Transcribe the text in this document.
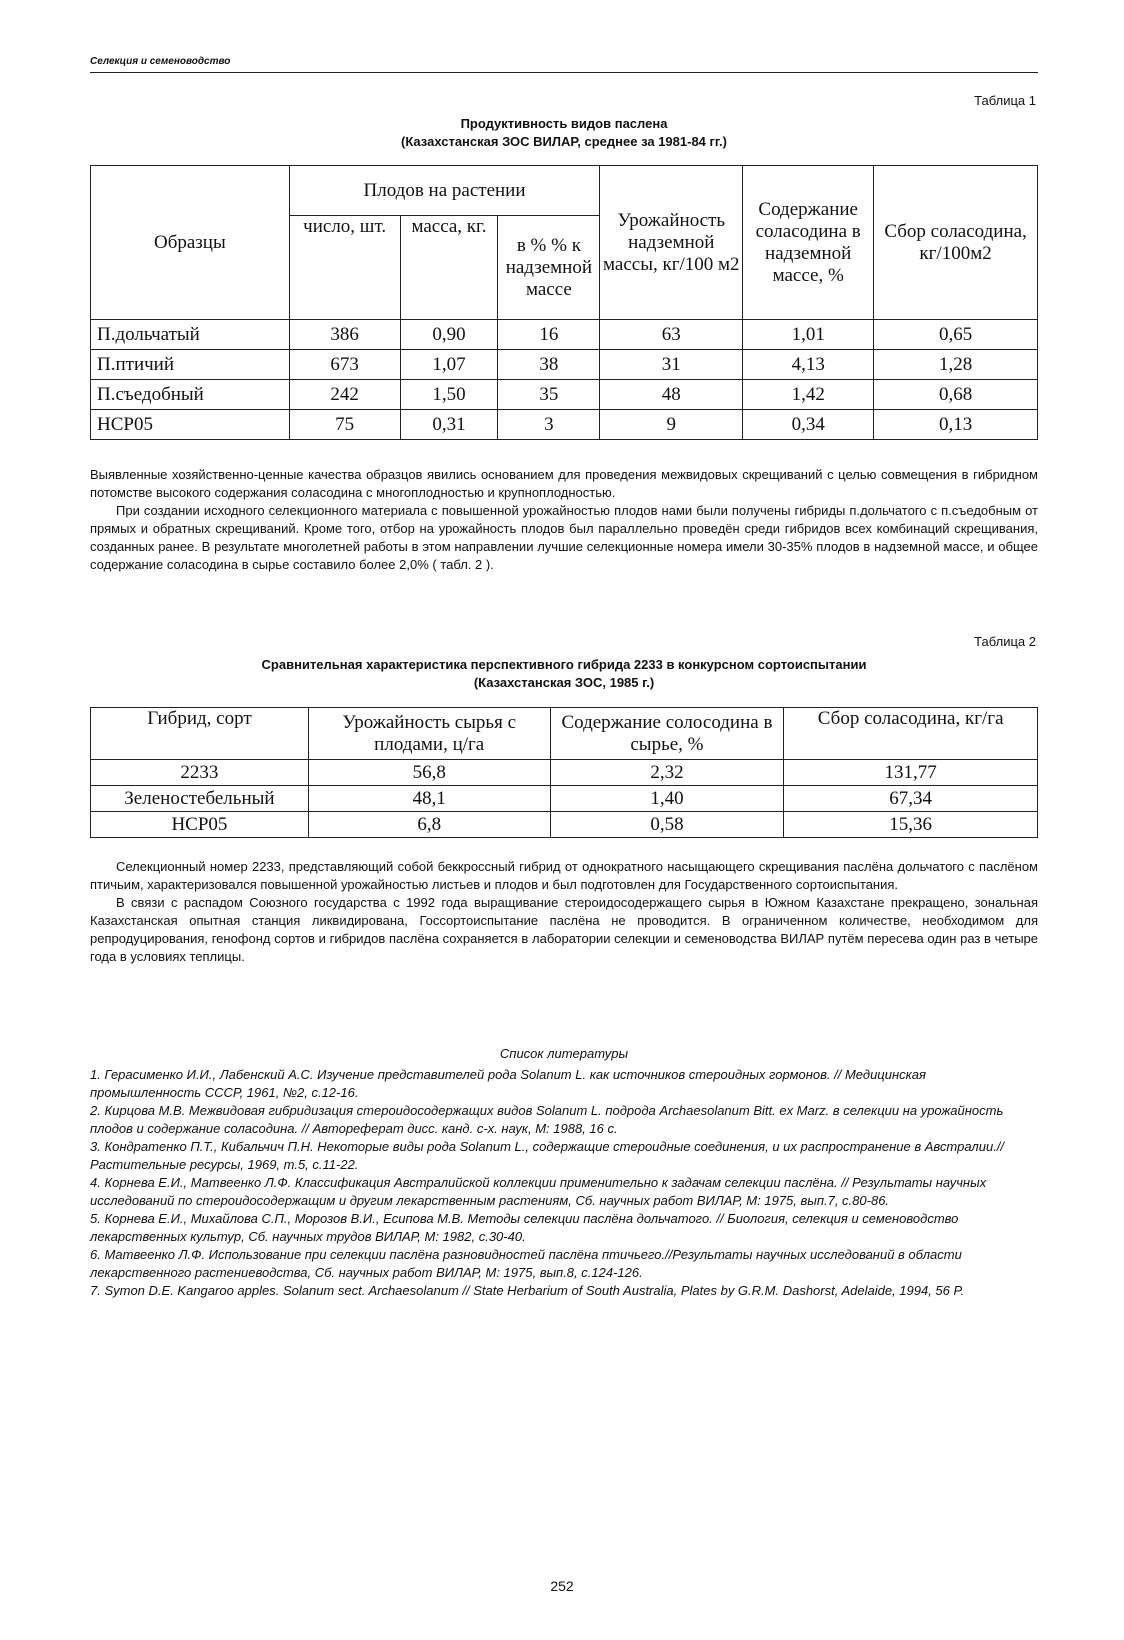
Селекция и семеноводство
Таблица 1
Продуктивность видов паслена
(Казахстанская ЗОС ВИЛАР, среднее за 1981-84 гг.)
Образцы	Плодов на растении			Урожайность надземной массы, кг/100 м2	Содержание соласодина в надземной массе, %	Сбор соласодина, кг/100м2
	число, шт.	масса, кг.	в % % к надземной массе			
П.дольчатый	386	0,90	16	63	1,01	0,65
П.птичий	673	1,07	38	31	4,13	1,28
П.съедобный	242	1,50	35	48	1,42	0,68
НСР05	75	0,31	3	9	0,34	0,13

Выявленные хозяйственно-ценные качества образцов явились основанием для проведения межвидовых скрещиваний с целью совмещения в гибридном потомстве высокого содержания соласодина с многоплодностью и крупноплодностью.

При создании исходного селекционного материала с повышенной урожайностью плодов нами были получены гибриды п.дольчатого с п.съедобным от прямых и обратных скрещиваний. Кроме того, отбор на урожайность плодов был параллельно проведён среди гибридов всех комбинаций скрещивания, созданных ранее. В результате многолетней работы в этом направлении лучшие селекционные номера имели 30-35% плодов в надземной массе, и общее содержание соласодина в сырье составило более 2,0% ( табл. 2 ).

Таблица 2
Сравнительная характеристика перспективного гибрида 2233 в конкурсном сортоиспытании
(Казахстанская ЗОС, 1985 г.)
Гибрид, сорт	Урожайность сырья с плодами, ц/га	Содержание солосодина в сырье, %	Сбор соласодина, кг/га
2233	56,8	2,32	131,77
Зеленостебельный	48,1	1,40	67,34
НСР05	6,8	0,58	15,36

Селекционный номер 2233, представляющий собой беккроссный гибрид от однократного насыщающего скрещивания паслёна дольчатого с паслёном птичьим, характеризовался повышенной урожайностью листьев и плодов и был подготовлен для Государственного сортоиспытания.

В связи с распадом Союзного государства с 1992 года выращивание стероидосодержащего сырья в Южном Казахстане прекращено, зональная Казахстанская опытная станция ликвидирована, Госсортоиспытание паслёна не проводится. В ограниченном количестве, необходимом для репродуцирования, генофонд сортов и гибридов паслёна сохраняется в лаборатории селекции и семеноводства ВИЛАР путём пересева один раз в четыре года в условиях теплицы.

Список литературы

1. Герасименко И.И., Лабенский А.С. Изучение представителей рода Solanum L. как источников стероидных гормонов. // Медицинская промышленность СССР, 1961, №2, с.12-16.

2. Кирцова М.В. Межвидовая гибридизация стероидосодержащих видов Solanum L. подрода Archaesolanum Bitt. ex Marz. в селекции на урожайность плодов и содержание соласодина. // Автореферат дисс. канд. с-х. наук, М: 1988, 16 с.

3. Кондратенко П.Т., Кибальчич П.Н. Некоторые виды рода Solanum L., содержащие стероидные соединения, и их распространение в Австралии.// Растительные ресурсы, 1969, т.5, с.11-22.

4. Корнева Е.И., Матвеенко Л.Ф. Классификация Австралийской коллекции применительно к задачам селекции паслёна. // Результаты научных исследований по стероидосодержащим и другим лекарственным растениям, Сб. научных работ ВИЛАР, М: 1975, вып.7, с.80-86.

5. Корнева Е.И., Михайлова С.П., Морозов В.И., Есипова М.В. Методы селекции паслёна дольчатого. // Биология, селекция и семеноводство лекарственных культур, Сб. научных трудов ВИЛАР, М: 1982, с.30-40.

6. Матвеенко Л.Ф. Использование при селекции паслёна разновидностей паслёна птичьего.//Результаты научных исследований в области лекарственного растениеводства, Сб. научных работ ВИЛАР, М: 1975, вып.8, с.124-126.

7. Symon D.E. Kangaroo apples. Solanum sect. Archaesolanum // State Herbarium of South Australia, Plates by G.R.M. Dashorst, Adelaide, 1994, 56 P.

252
